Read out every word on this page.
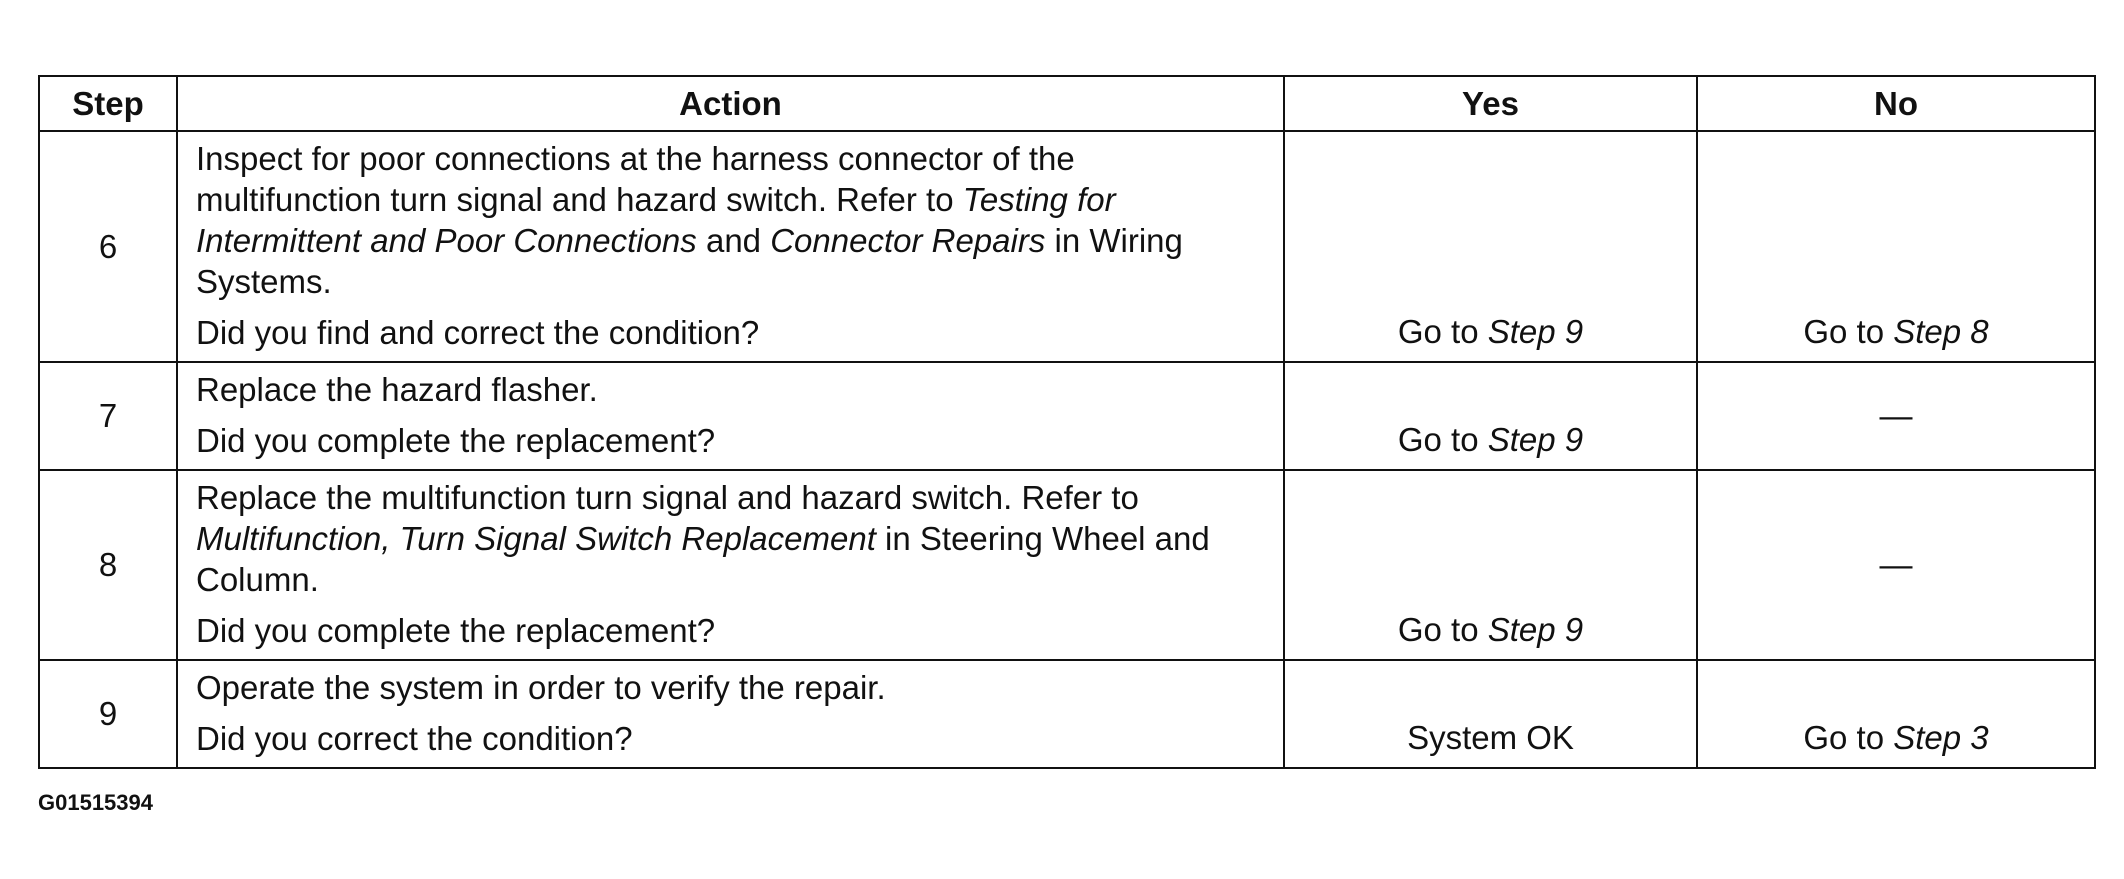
Step	Action	Yes	No
6	Inspect for poor connections at the harness connector of the multifunction turn signal and hazard switch. Refer to Testing for Intermittent and Poor Connections and Connector Repairs in Wiring Systems.
Did you find and correct the condition?	Go to Step 9	Go to Step 8

7	Replace the hazard flasher.
Did you complete the replacement?	Go to Step 9	—

8	Replace the multifunction turn signal and hazard switch. Refer to Multifunction, Turn Signal Switch Replacement in Steering Wheel and Column.
Did you complete the replacement?	Go to Step 9	—

9	Operate the system in order to verify the repair.
Did you correct the condition?	System OK	Go to Step 3
G01515394
